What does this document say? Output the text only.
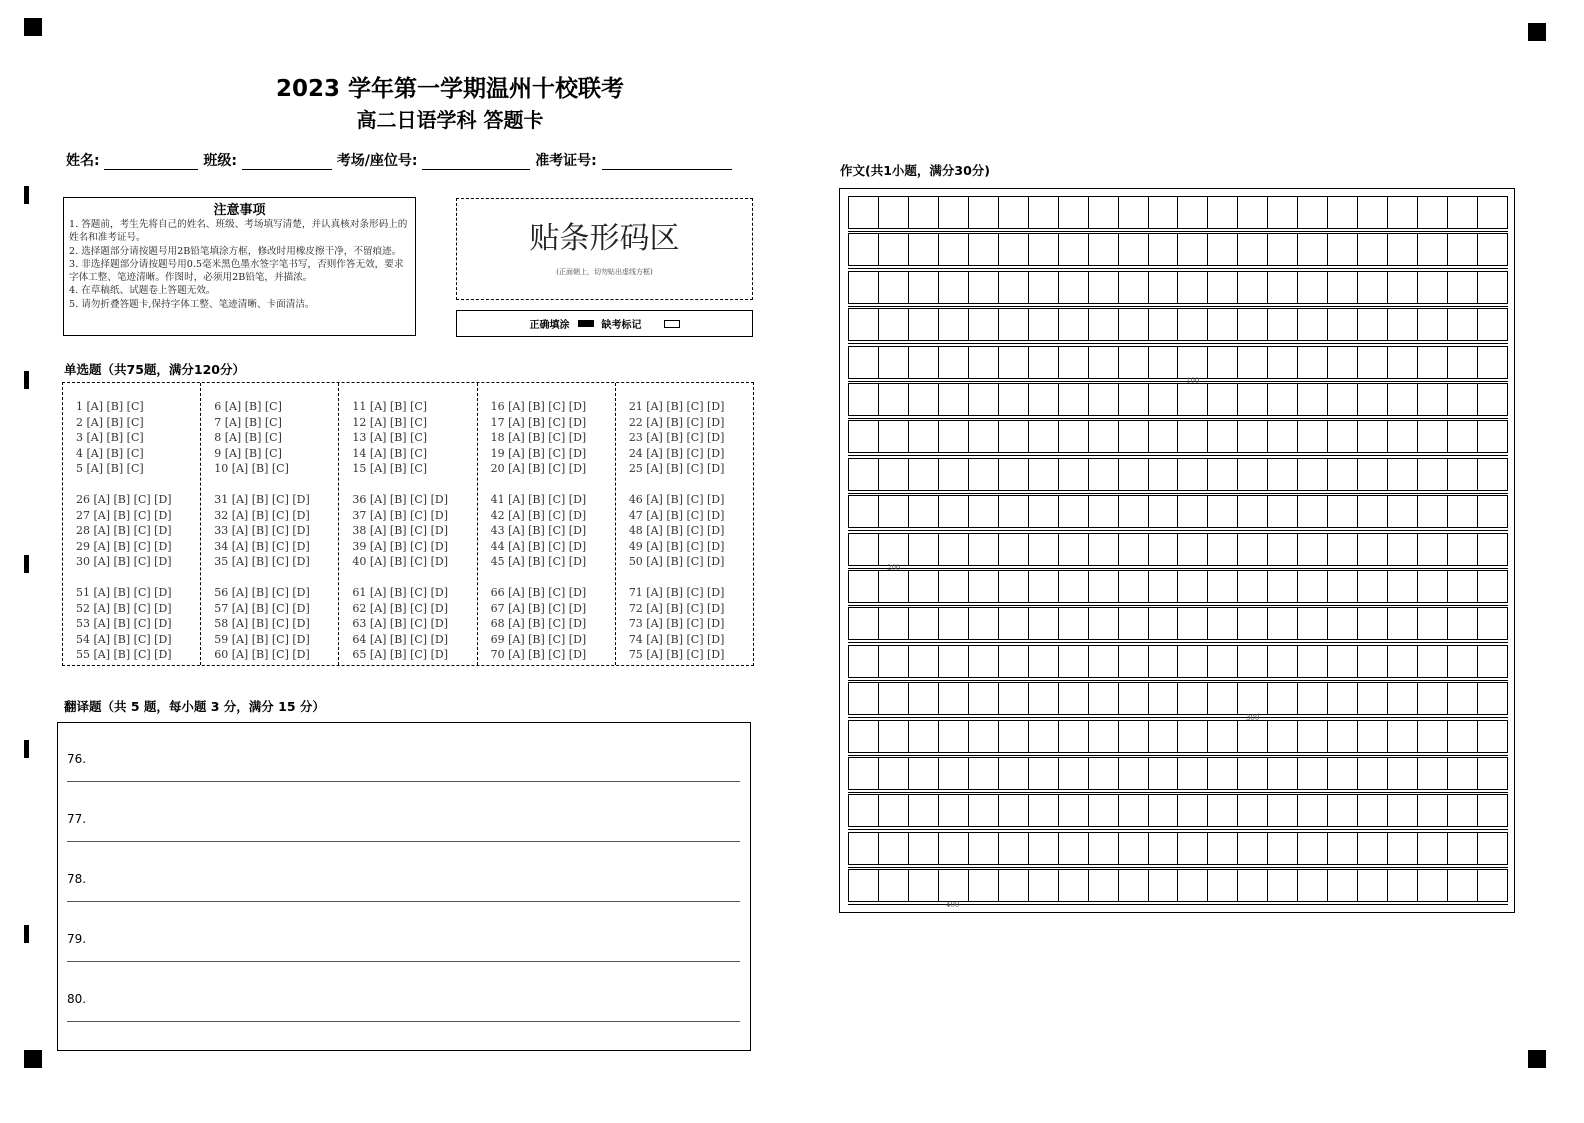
2023 学年第一学期温州十校联考
高二日语学科 答题卡
姓名:	班级:	考场/座位号:	准考证号:
注意事项
1. 答题前，考生先将自己的姓名、班级、考场填写清楚，并认真核对条形码上的姓名和准考证号。
2. 选择题部分请按题号用2B铅笔填涂方框，修改时用橡皮擦干净，不留痕迹。
3. 非选择题部分请按题号用0.5毫米黑色墨水签字笔书写，否则作答无效，要求字体工整、笔迹清晰。作图时，必须用2B铅笔，并描浓。
4. 在草稿纸、试题卷上答题无效。
5. 请勿折叠答题卡,保持字体工整、笔迹清晰、卡面清洁。
贴条形码区
(正面朝上，切勿贴出虚线方框)
正确填涂	缺考标记
单选题（共75题，满分120分）
1 [A] [B] [C]
2 [A] [B] [C]
3 [A] [B] [C]
4 [A] [B] [C]
5 [A] [B] [C]
26 [A] [B] [C] [D]
27 [A] [B] [C] [D]
28 [A] [B] [C] [D]
29 [A] [B] [C] [D]
30 [A] [B] [C] [D]
51 [A] [B] [C] [D]
52 [A] [B] [C] [D]
53 [A] [B] [C] [D]
54 [A] [B] [C] [D]
55 [A] [B] [C] [D]
6 [A] [B] [C]
7 [A] [B] [C]
8 [A] [B] [C]
9 [A] [B] [C]
10 [A] [B] [C]
31 [A] [B] [C] [D]
32 [A] [B] [C] [D]
33 [A] [B] [C] [D]
34 [A] [B] [C] [D]
35 [A] [B] [C] [D]
56 [A] [B] [C] [D]
57 [A] [B] [C] [D]
58 [A] [B] [C] [D]
59 [A] [B] [C] [D]
60 [A] [B] [C] [D]
11 [A] [B] [C]
12 [A] [B] [C]
13 [A] [B] [C]
14 [A] [B] [C]
15 [A] [B] [C]
36 [A] [B] [C] [D]
37 [A] [B] [C] [D]
38 [A] [B] [C] [D]
39 [A] [B] [C] [D]
40 [A] [B] [C] [D]
61 [A] [B] [C] [D]
62 [A] [B] [C] [D]
63 [A] [B] [C] [D]
64 [A] [B] [C] [D]
65 [A] [B] [C] [D]
16 [A] [B] [C] [D]
17 [A] [B] [C] [D]
18 [A] [B] [C] [D]
19 [A] [B] [C] [D]
20 [A] [B] [C] [D]
41 [A] [B] [C] [D]
42 [A] [B] [C] [D]
43 [A] [B] [C] [D]
44 [A] [B] [C] [D]
45 [A] [B] [C] [D]
66 [A] [B] [C] [D]
67 [A] [B] [C] [D]
68 [A] [B] [C] [D]
69 [A] [B] [C] [D]
70 [A] [B] [C] [D]
21 [A] [B] [C] [D]
22 [A] [B] [C] [D]
23 [A] [B] [C] [D]
24 [A] [B] [C] [D]
25 [A] [B] [C] [D]
46 [A] [B] [C] [D]
47 [A] [B] [C] [D]
48 [A] [B] [C] [D]
49 [A] [B] [C] [D]
50 [A] [B] [C] [D]
71 [A] [B] [C] [D]
72 [A] [B] [C] [D]
73 [A] [B] [C] [D]
74 [A] [B] [C] [D]
75 [A] [B] [C] [D]
翻译题（共 5 题，每小题 3 分，满分 15 分）
76.
77.
78.
79.
80.
作文(共1小题，满分30分)
100
200
300
400
